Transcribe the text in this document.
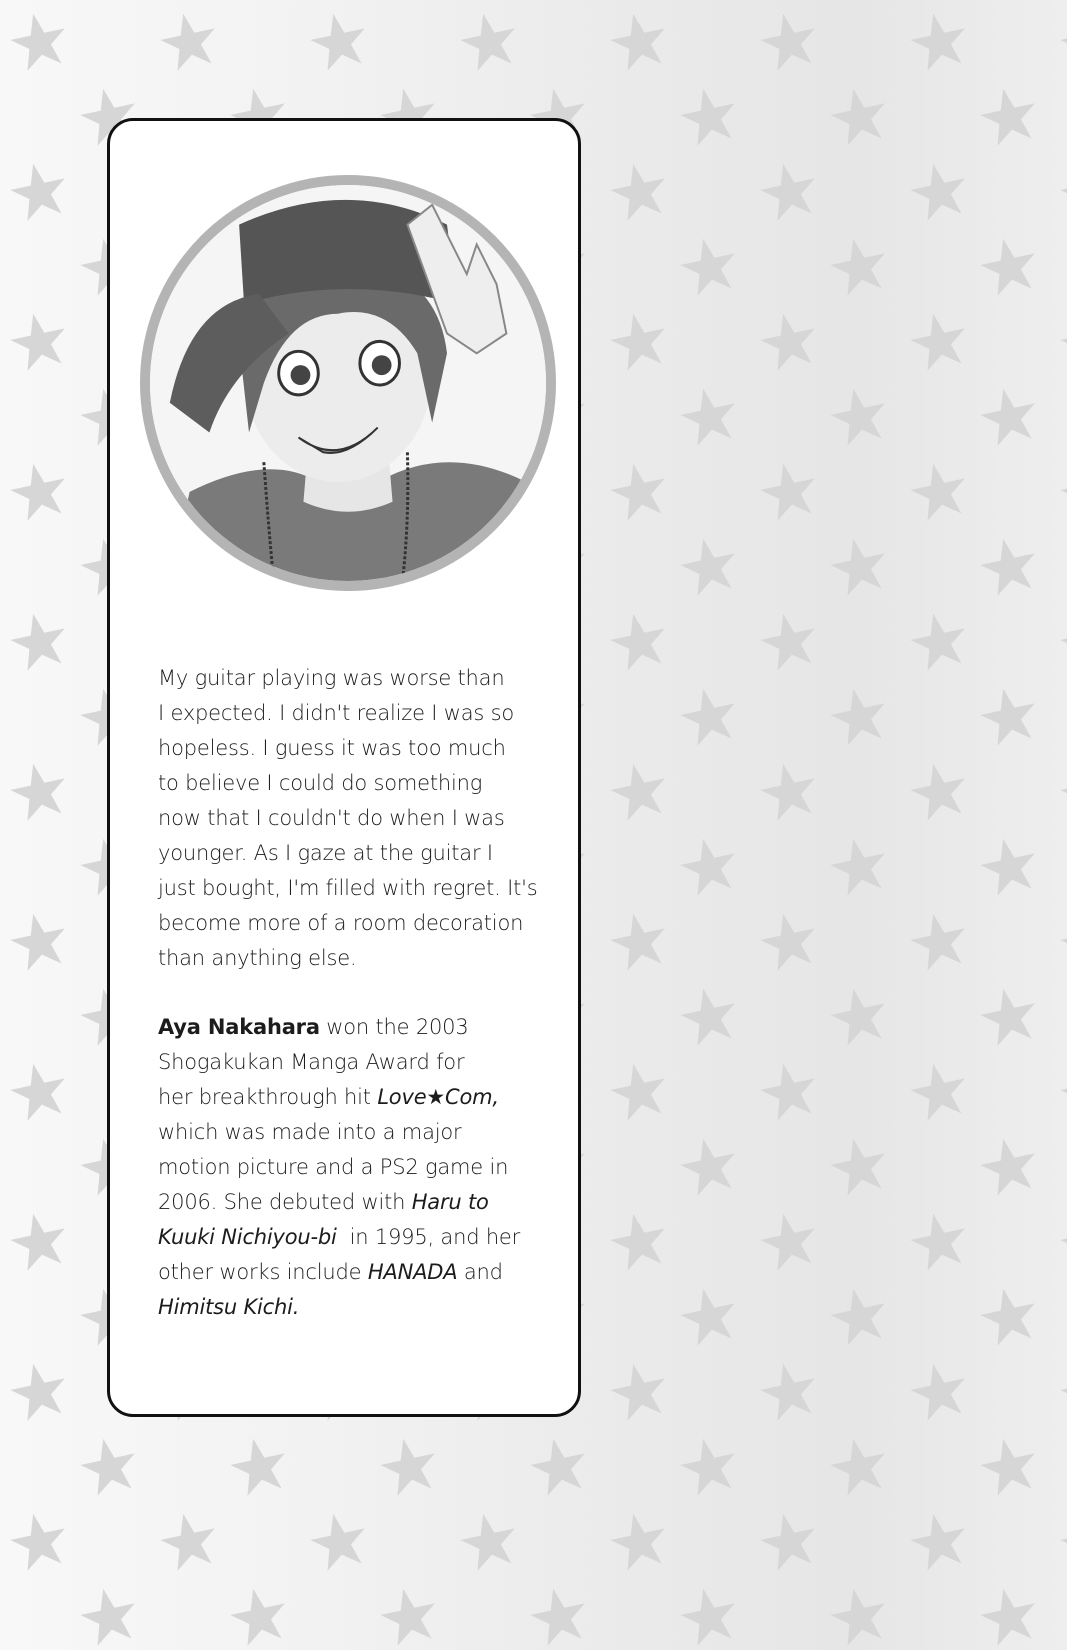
My guitar playing was worse than
I expected. I didn't realize I was so
hopeless. I guess it was too much
to believe I could do something
now that I couldn't do when I was
younger. As I gaze at the guitar I
just bought, I'm filled with regret. It's
become more of a room decoration
than anything else.
Aya Nakahara won the 2003
Shogakukan Manga Award for
her breakthrough hit Love★Com,
which was made into a major
motion picture and a PS2 game in
2006. She debuted with Haru to
Kuuki Nichiyou-bi  in 1995, and her
other works include HANADA and
Himitsu Kichi.
